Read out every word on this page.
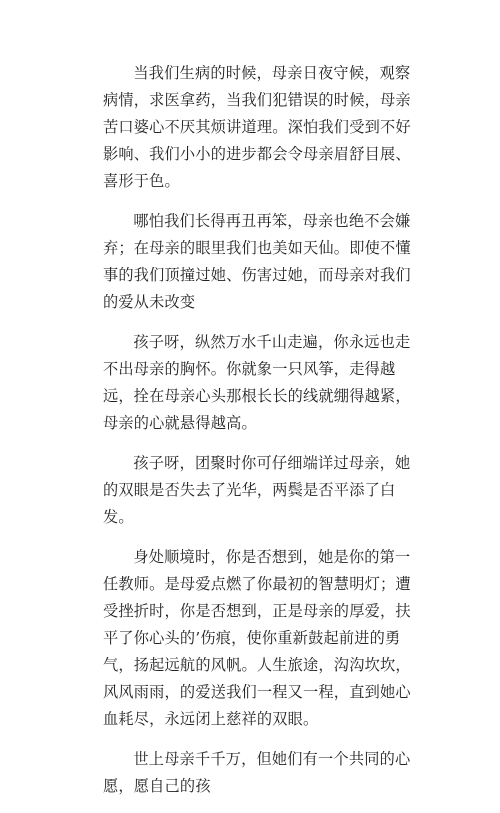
当我们生病的时候，母亲日夜守候，观察病情，求医拿药，当我们犯错误的时候，母亲苦口婆心不厌其烦讲道理。深怕我们受到不好影响、我们小小的进步都会令母亲眉舒目展、喜形于色。

哪怕我们长得再丑再笨，母亲也绝不会嫌弃；在母亲的眼里我们也美如天仙。即使不懂事的我们顶撞过她、伤害过她，而母亲对我们的爱从未改变

孩子呀，纵然万水千山走遍，你永远也走不出母亲的胸怀。你就象一只风筝，走得越远，拴在母亲心头那根长长的线就绷得越紧，母亲的心就悬得越高。

孩子呀，团聚时你可仔细端详过母亲，她的双眼是否失去了光华，两鬓是否平添了白发。

身处顺境时，你是否想到，她是你的第一任教师。是母爱点燃了你最初的智慧明灯；遭受挫折时，你是否想到，正是母亲的厚爱，扶平了你心头的’伤痕，使你重新鼓起前进的勇气，扬起远航的风帆。人生旅途，沟沟坎坎，风风雨雨，的爱送我们一程又一程，直到她心血耗尽，永远闭上慈祥的双眼。

世上母亲千千万，但她们有一个共同的心愿，愿自己的孩
